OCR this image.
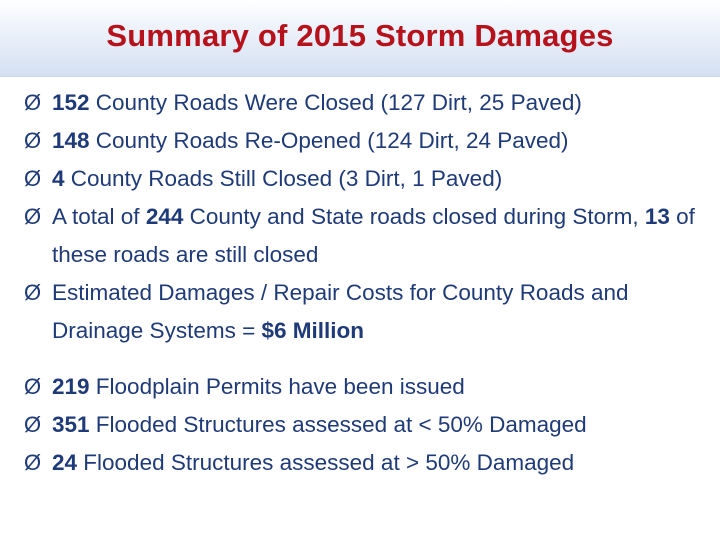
Summary of 2015 Storm Damages
Ø 152 County Roads Were Closed (127 Dirt, 25 Paved)
Ø 148 County Roads Re-Opened (124 Dirt, 24 Paved)
Ø 4 County Roads Still Closed (3 Dirt, 1 Paved)
Ø A total of 244 County and State roads closed during Storm, 13 of these roads are still closed
Ø Estimated Damages / Repair Costs for County Roads and Drainage Systems = $6 Million
Ø 219 Floodplain Permits have been issued
Ø 351 Flooded Structures assessed at < 50% Damaged
Ø 24 Flooded Structures assessed at > 50% Damaged
